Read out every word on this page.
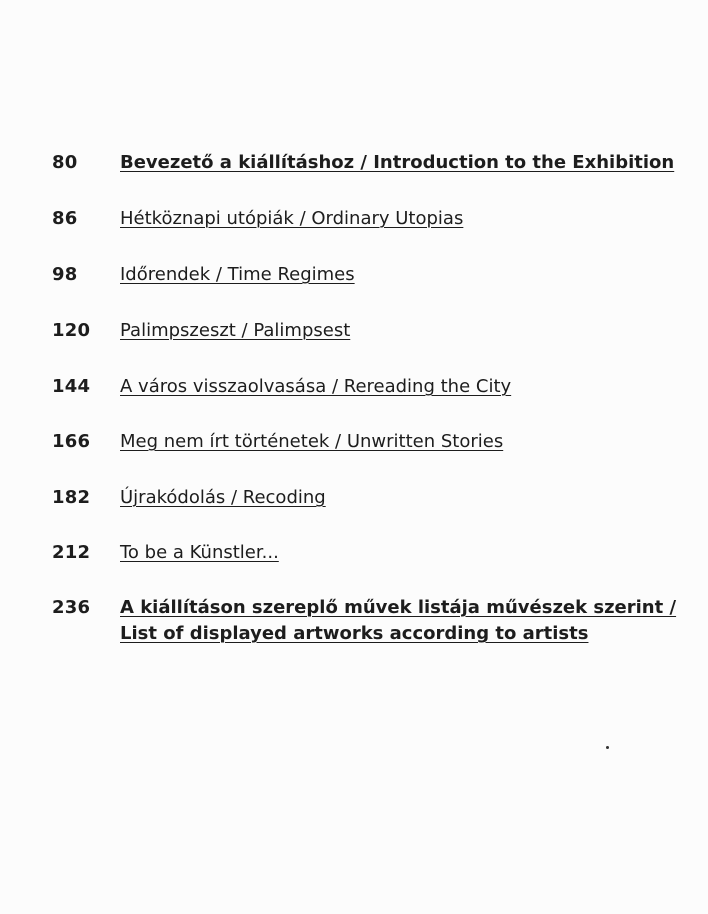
80 Bevezető a kiállításhoz / Introduction to the Exhibition
86 Hétköznapi utópiák / Ordinary Utopias
98 Időrendek / Time Regimes
120 Palimpszeszt / Palimpsest
144 A város visszaolvasása / Rereading the City
166 Meg nem írt történetek / Unwritten Stories
182 Újrakódolás / Recoding
212 To be a Künstler...
236 A kiállításon szereplő művek listája művészek szerint /
List of displayed artworks according to artists
